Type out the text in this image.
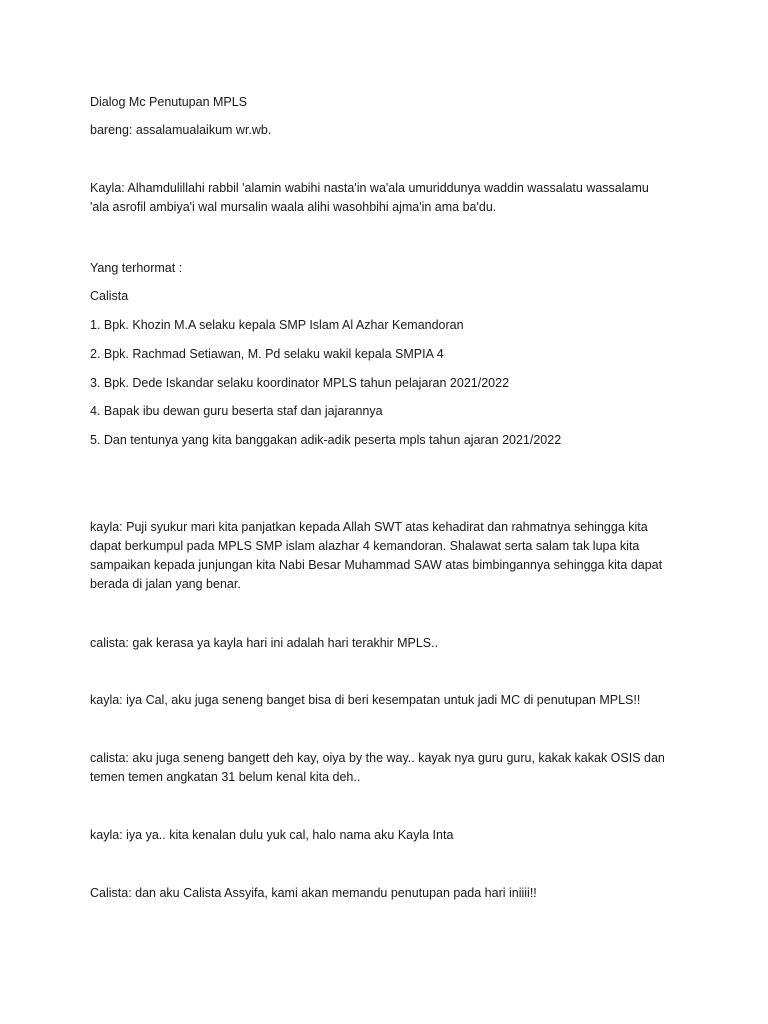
Dialog Mc Penutupan MPLS

bareng: assalamualaikum wr.wb.

Kayla: Alhamdulillahi rabbil 'alamin wabihi nasta'in wa'ala umuriddunya waddin wassalatu wassalamu
'ala asrofil ambiya'i wal mursalin waala alihi wasohbihi ajma'in ama ba'du.

Yang terhormat :

Calista

1. Bpk. Khozin M.A selaku kepala SMP Islam Al Azhar Kemandoran

2. Bpk. Rachmad Setiawan, M. Pd selaku wakil kepala SMPIA 4

3. Bpk. Dede Iskandar selaku koordinator MPLS tahun pelajaran 2021/2022

4. Bapak ibu dewan guru beserta staf dan jajarannya

5. Dan tentunya yang kita banggakan adik-adik peserta mpls tahun ajaran 2021/2022

kayla: Puji syukur mari kita panjatkan kepada Allah SWT atas kehadirat dan rahmatnya sehingga kita
dapat berkumpul pada MPLS SMP islam alazhar 4 kemandoran. Shalawat serta salam tak lupa kita
sampaikan kepada junjungan kita Nabi Besar Muhammad SAW atas bimbingannya sehingga kita dapat
berada di jalan yang benar.

calista: gak kerasa ya kayla hari ini adalah hari terakhir MPLS..

kayla: iya Cal, aku juga seneng banget bisa di beri kesempatan untuk jadi MC di penutupan MPLS!!

calista: aku juga seneng bangett deh kay, oiya by the way.. kayak nya guru guru, kakak kakak OSIS dan
temen temen angkatan 31 belum kenal kita deh..

kayla: iya ya.. kita kenalan dulu yuk cal, halo nama aku Kayla Inta

Calista: dan aku Calista Assyifa, kami akan memandu penutupan pada hari iniiii!!
